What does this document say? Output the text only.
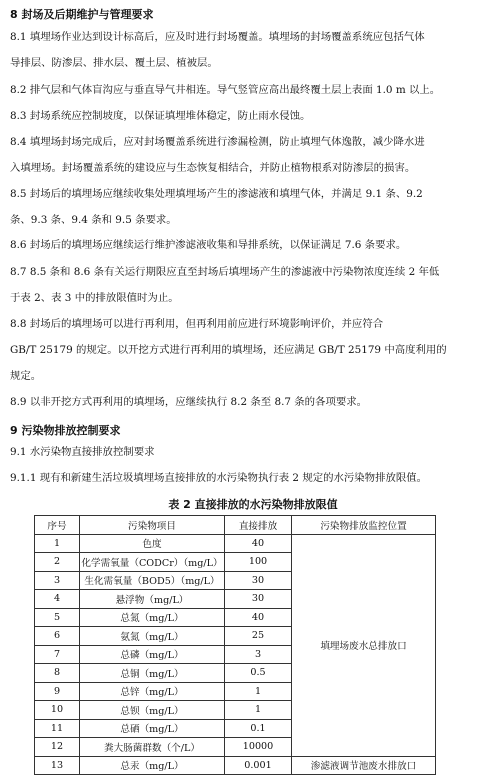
8 封场及后期维护与管理要求
8.1 填埋场作业达到设计标高后，应及时进行封场覆盖。填埋场的封场覆盖系统应包括气体
导排层、防渗层、排水层、覆土层、植被层。
8.2 排气层和气体盲沟应与垂直导气井相连。导气竖管应高出最终覆土层上表面 1.0 m 以上。
8.3 封场系统应控制坡度，以保证填埋堆体稳定，防止雨水侵蚀。
8.4 填埋场封场完成后，应对封场覆盖系统进行渗漏检测，防止填埋气体逸散，减少降水进
入填埋场。封场覆盖系统的建设应与生态恢复相结合，并防止植物根系对防渗层的损害。
8.5 封场后的填埋场应继续收集处理填埋场产生的渗滤液和填埋气体，并满足 9.1 条、9.2
条、9.3 条、9.4 条和 9.5 条要求。
8.6 封场后的填埋场应继续运行维护渗滤液收集和导排系统，以保证满足 7.6 条要求。
8.7 8.5 条和 8.6 条有关运行期限应直至封场后填埋场产生的渗滤液中污染物浓度连续 2 年低
于表 2、表 3 中的排放限值时为止。
8.8 封场后的填埋场可以进行再利用，但再利用前应进行环境影响评价，并应符合
GB/T 25179 的规定。以开挖方式进行再利用的填埋场，还应满足 GB/T 25179 中高度利用的
规定。
8.9 以非开挖方式再利用的填埋场，应继续执行 8.2 条至 8.7 条的各项要求。
9 污染物排放控制要求
9.1 水污染物直接排放控制要求
9.1.1 现有和新建生活垃圾填埋场直接排放的水污染物执行表 2 规定的水污染物排放限值。
表 2 直接排放的水污染物排放限值
序号	污染物项目	直接排放	污染物排放监控位置
1	色度	40	填埋场废水总排放口
2	化学需氧量（CODCr）（mg/L）	100	
3	生化需氧量（BOD5）（mg/L）	30	
4	悬浮物（mg/L）	30	
5	总氮（mg/L）	40	
6	氨氮（mg/L）	25	
7	总磷（mg/L）	3	
8	总铜（mg/L）	0.5	
9	总锌（mg/L）	1	
10	总钡（mg/L）	1	
11	总硒（mg/L）	0.1	
12	粪大肠菌群数（个/L）	10000	
13	总汞（mg/L）	0.001	渗滤液调节池废水排放口
